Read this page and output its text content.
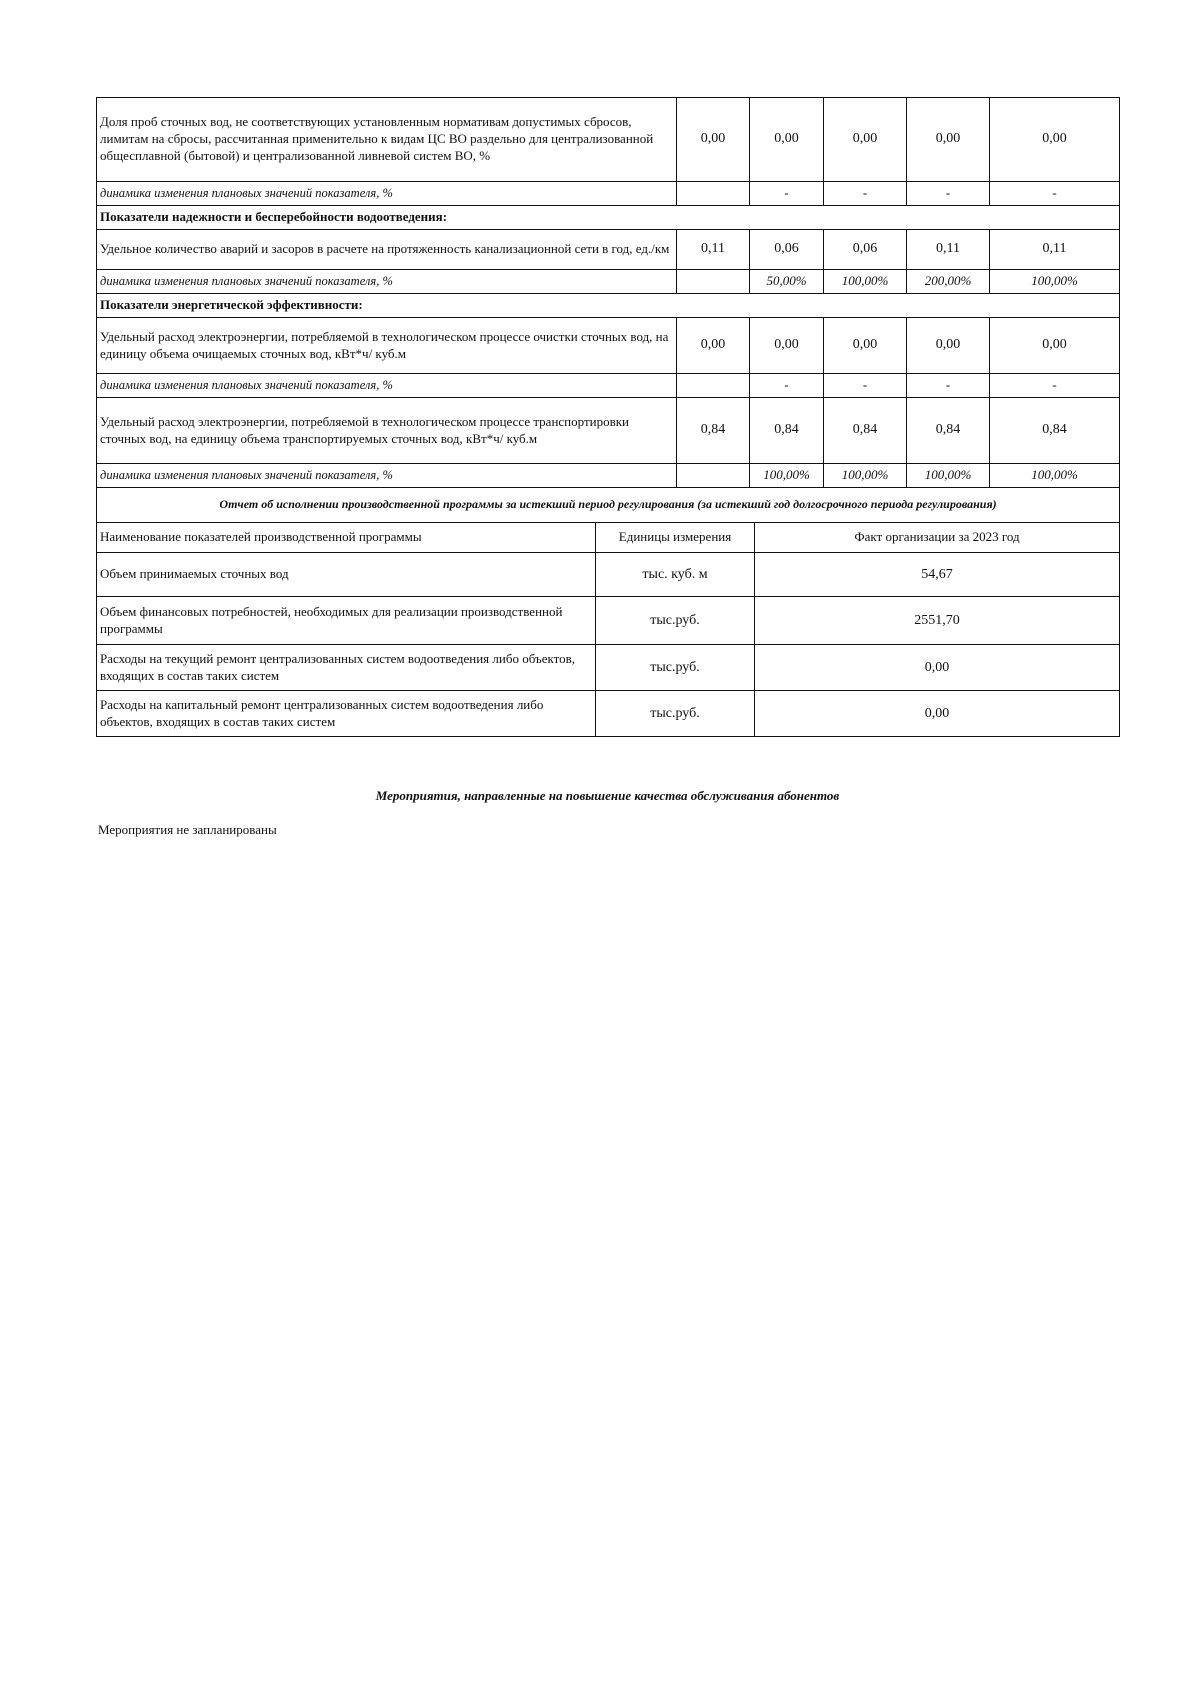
Доля проб сточных вод, не соответствующих установленным нормативам допустимых сбросов, лимитам на сбросы, рассчитанная применительно к видам ЦС ВО раздельно для централизованной общесплавной (бытовой) и централизованной ливневой систем ВО, %	0,00	0,00	0,00	0,00	0,00
динамика изменения плановых значений показателя, %		-	-	-	-
Показатели надежности и бесперебойности водоотведения:					
Удельное количество аварий и засоров в расчете на протяженность канализационной сети в год, ед./км	0,11	0,06	0,06	0,11	0,11
динамика изменения плановых значений показателя, %		50,00%	100,00%	200,00%	100,00%
Показатели энергетической эффективности:					
Удельный расход электроэнергии, потребляемой в технологическом процессе очистки сточных вод, на единицу объема очищаемых сточных вод, кВт*ч/ куб.м	0,00	0,00	0,00	0,00	0,00
динамика изменения плановых значений показателя, %		-	-	-	-
Удельный расход электроэнергии, потребляемой в технологическом процессе транспортировки сточных вод, на единицу объема транспортируемых сточных вод, кВт*ч/ куб.м	0,84	0,84	0,84	0,84	0,84
динамика изменения плановых значений показателя, %		100,00%	100,00%	100,00%	100,00%
Отчет об исполнении производственной программы за истекший период регулирования (за истекший год долгосрочного периода регулирования)		
Наименование показателей производственной программы	Единицы измерения	Факт организации за 2023 год
Объем принимаемых сточных вод	тыс. куб. м	54,67
Объем финансовых потребностей, необходимых для реализации производственной программы	тыс.руб.	2551,70
Расходы на текущий ремонт централизованных систем водоотведения либо объектов, входящих в состав таких систем	тыс.руб.	0,00
Расходы на капитальный ремонт централизованных систем водоотведения либо объектов, входящих в состав таких систем	тыс.руб.	0,00
Мероприятия, направленные на повышение качества обслуживания абонентов
Мероприятия не запланированы
